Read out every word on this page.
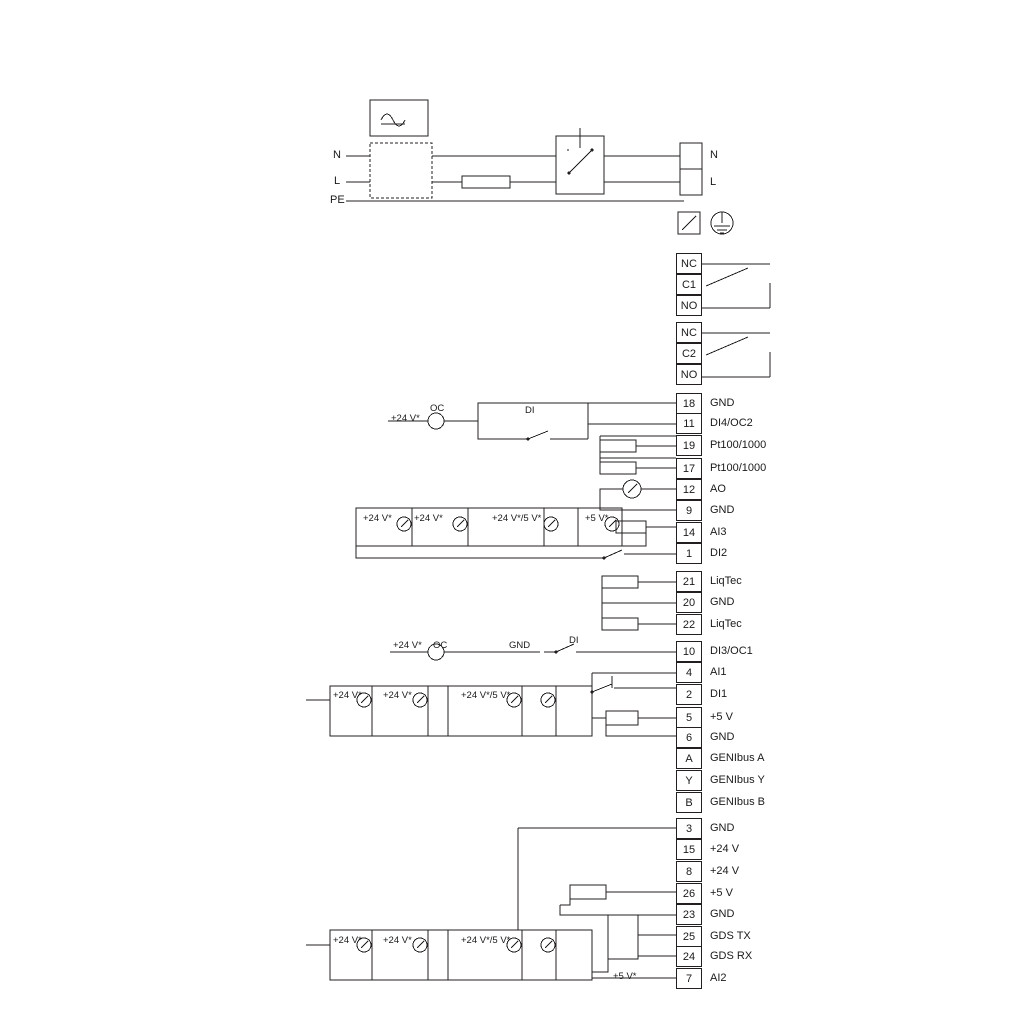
18	GND
11	DI4/OC2
19	Pt100/1000
17	Pt100/1000
12	AO
9	GND
14	AI3
1	DI2
21	LiqTec
20	GND
22	LiqTec
10	DI3/OC1
4	AI1
2	DI1
5	+5 V
6	GND
A	GENIbus A
Y	GENIbus Y
B	GENIbus B
3	GND
15	+24 V
8	+24 V
26	+5 V
23	GND
25	GDS TX
24	GDS RX
7	AI2
NC
C1
NO
NC
C2
NO
+24 V*
OC	DI
+24 V* +24 V*	+24 V*/5 V*	+5 V*
+24 V* OC	GND	DI
+24 V* +24 V*	+24 V*/5 V*
+24 V* +24 V*	+24 V*/5 V*
+5 V*
N
L
PE
N
L
